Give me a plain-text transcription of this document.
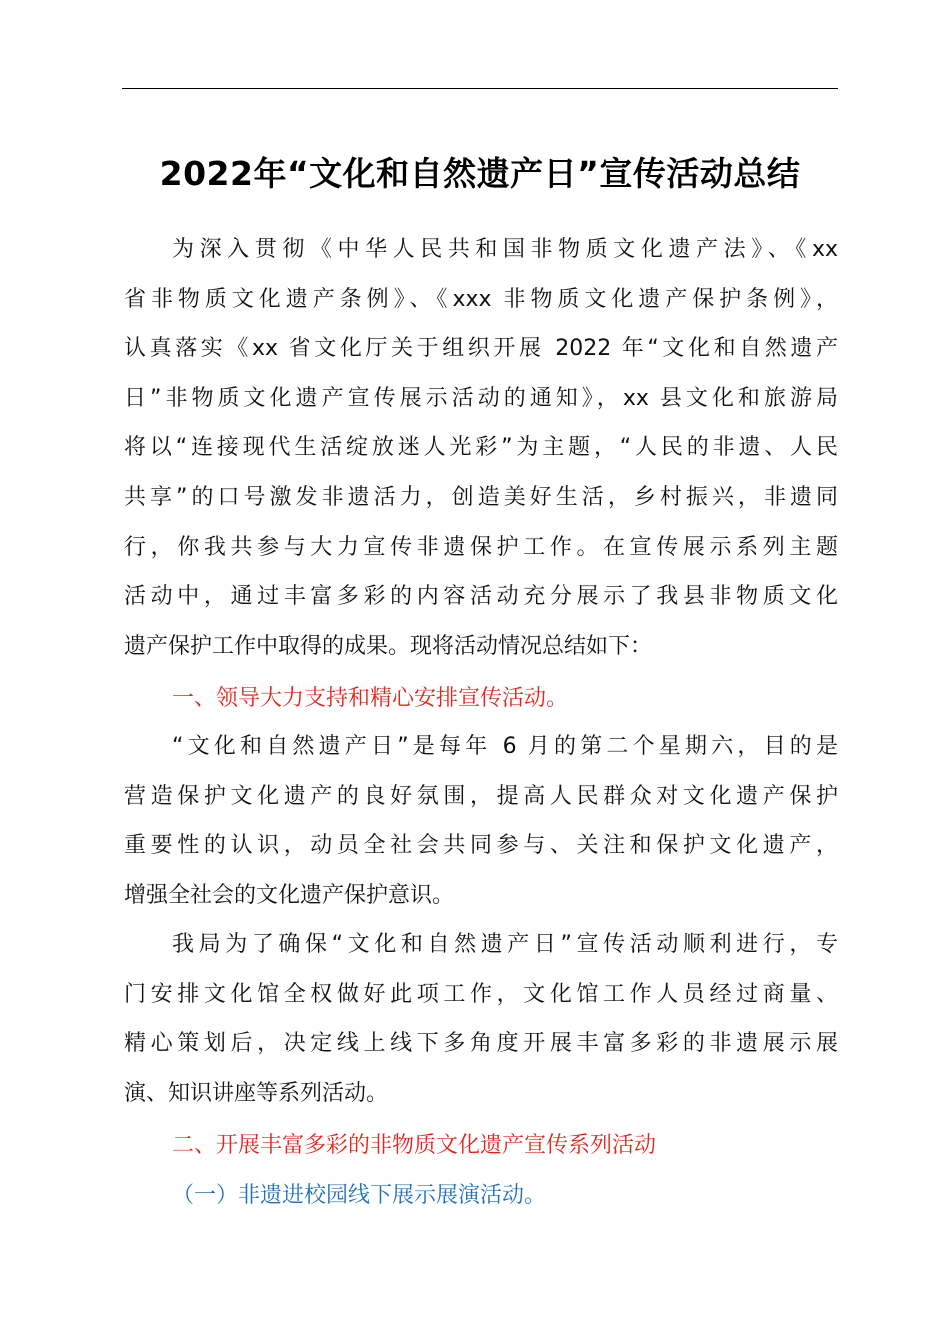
2022年“文化和自然遗产日”宣传活动总结
为深入贯彻《中华人民共和国非物质文化遗产法》、《xx
省非物质文化遗产条例》、《xxx 非物质文化遗产保护条例》，
认真落实《xx 省文化厅关于组织开展 2022 年“文化和自然遗产
日”非物质文化遗产宣传展示活动的通知》，xx 县文化和旅游局
将以“连接现代生活绽放迷人光彩”为主题，“人民的非遗、人民
共享”的口号激发非遗活力，创造美好生活，乡村振兴，非遗同
行，你我共参与大力宣传非遗保护工作。在宣传展示系列主题
活动中，通过丰富多彩的内容活动充分展示了我县非物质文化
遗产保护工作中取得的成果。现将活动情况总结如下：
一、领导大力支持和精心安排宣传活动。
“文化和自然遗产日”是每年 6 月的第二个星期六，目的是
营造保护文化遗产的良好氛围，提高人民群众对文化遗产保护
重要性的认识，动员全社会共同参与、关注和保护文化遗产，
增强全社会的文化遗产保护意识。
我局为了确保“文化和自然遗产日”宣传活动顺利进行，专
门安排文化馆全权做好此项工作，文化馆工作人员经过商量、
精心策划后，决定线上线下多角度开展丰富多彩的非遗展示展
演、知识讲座等系列活动。
二、开展丰富多彩的非物质文化遗产宣传系列活动
（一）非遗进校园线下展示展演活动。
